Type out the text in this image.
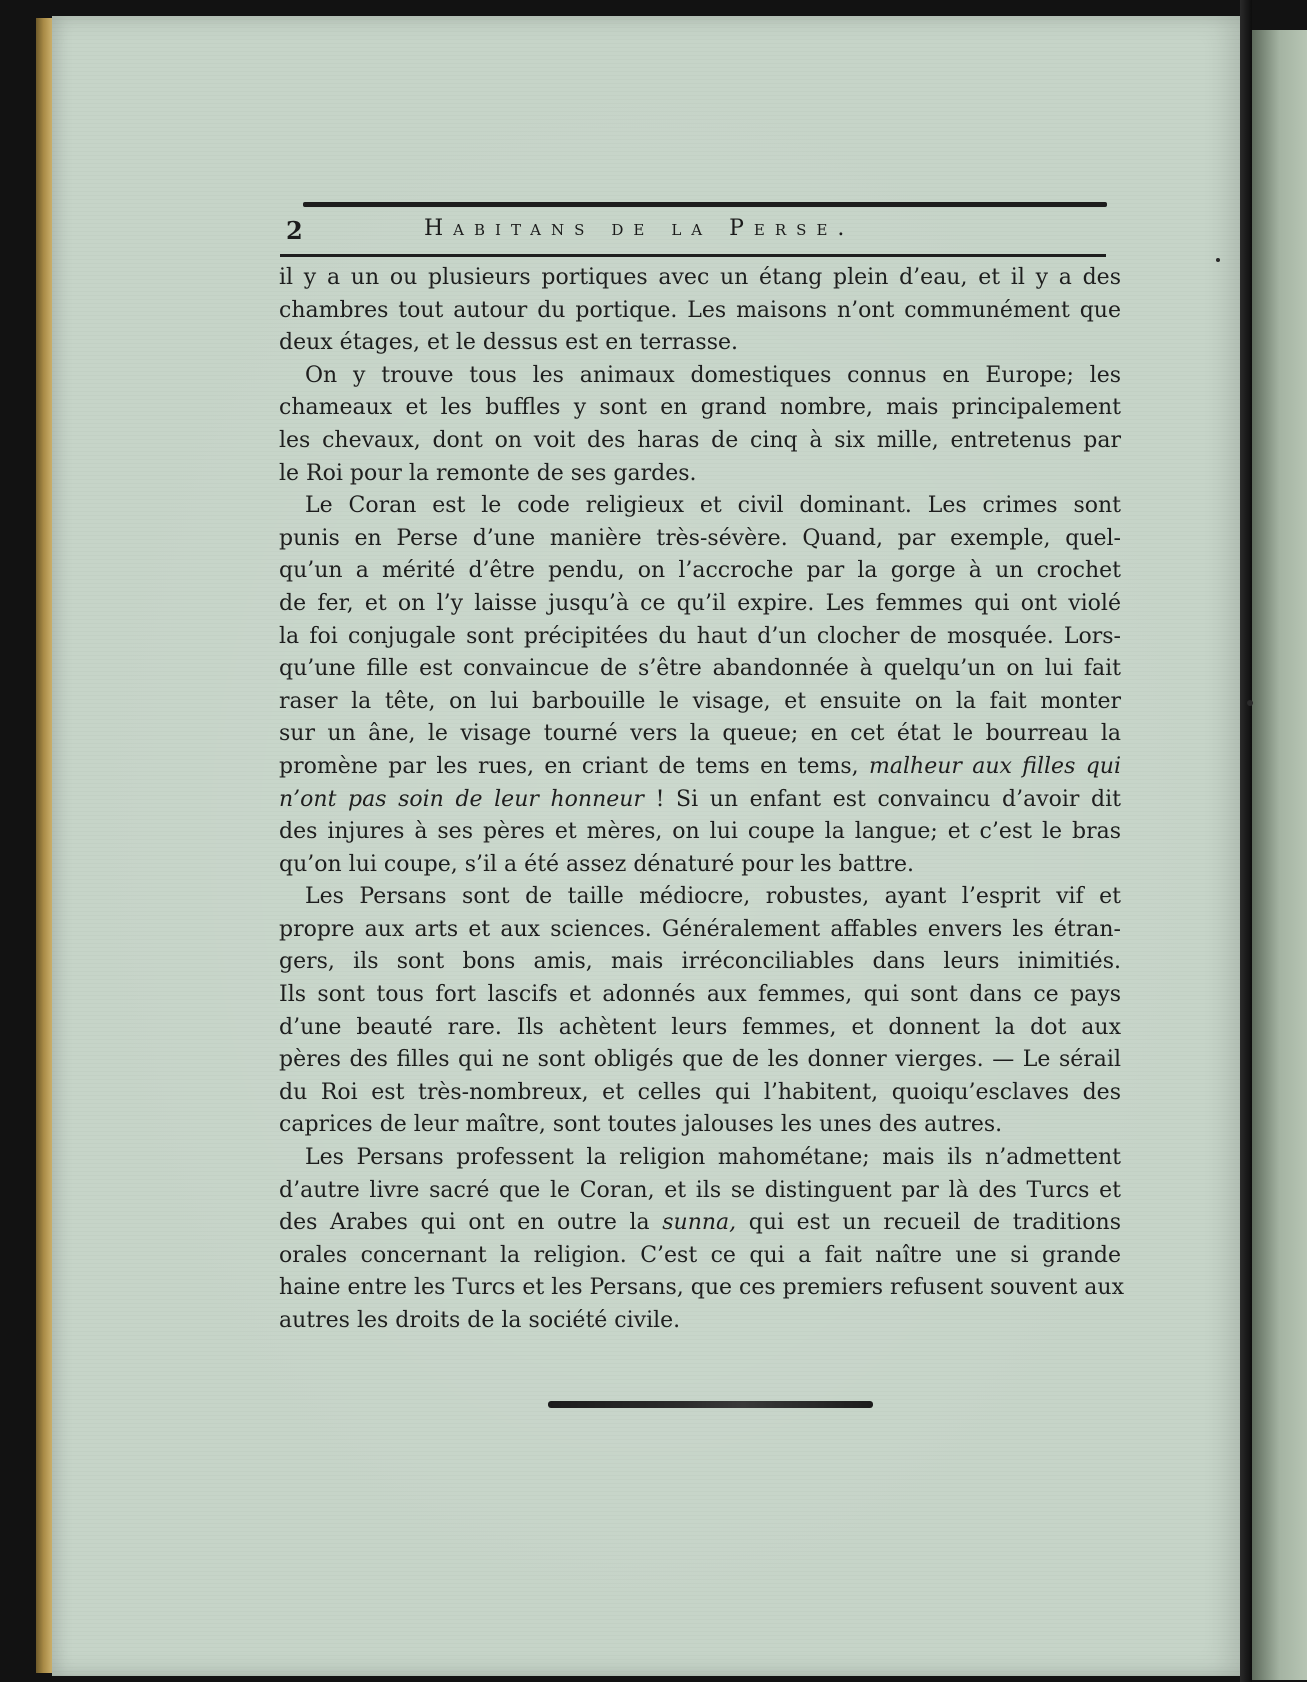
2	Habitans de la Perse.
il y a un ou plusieurs portiques avec un étang plein d’eau, et il y a des
chambres tout autour du portique. Les maisons n’ont communément que
deux étages, et le dessus est en terrasse.
On y trouve tous les animaux domestiques connus en Europe; les
chameaux et les buffles y sont en grand nombre, mais principalement
les chevaux, dont on voit des haras de cinq à six mille, entretenus par
le Roi pour la remonte de ses gardes.
Le Coran est le code religieux et civil dominant. Les crimes sont
punis en Perse d’une manière très-sévère. Quand, par exemple, quel-
qu’un a mérité d’être pendu, on l’accroche par la gorge à un crochet
de fer, et on l’y laisse jusqu’à ce qu’il expire. Les femmes qui ont violé
la foi conjugale sont précipitées du haut d’un clocher de mosquée. Lors-
qu’une fille est convaincue de s’être abandonnée à quelqu’un on lui fait
raser la tête, on lui barbouille le visage, et ensuite on la fait monter
sur un âne, le visage tourné vers la queue; en cet état le bourreau la
promène par les rues, en criant de tems en tems, malheur aux filles qui
n’ont pas soin de leur honneur ! Si un enfant est convaincu d’avoir dit
des injures à ses pères et mères, on lui coupe la langue; et c’est le bras
qu’on lui coupe, s’il a été assez dénaturé pour les battre.
Les Persans sont de taille médiocre, robustes, ayant l’esprit vif et
propre aux arts et aux sciences. Généralement affables envers les étran-
gers, ils sont bons amis, mais irréconciliables dans leurs inimitiés.
Ils sont tous fort lascifs et adonnés aux femmes, qui sont dans ce pays
d’une beauté rare. Ils achètent leurs femmes, et donnent la dot aux
pères des filles qui ne sont obligés que de les donner vierges. — Le sérail
du Roi est très-nombreux, et celles qui l’habitent, quoiqu’esclaves des
caprices de leur maître, sont toutes jalouses les unes des autres.
Les Persans professent la religion mahométane; mais ils n’admettent
d’autre livre sacré que le Coran, et ils se distinguent par là des Turcs et
des Arabes qui ont en outre la sunna, qui est un recueil de traditions
orales concernant la religion. C’est ce qui a fait naître une si grande
haine entre les Turcs et les Persans, que ces premiers refusent souvent aux
autres les droits de la société civile.
